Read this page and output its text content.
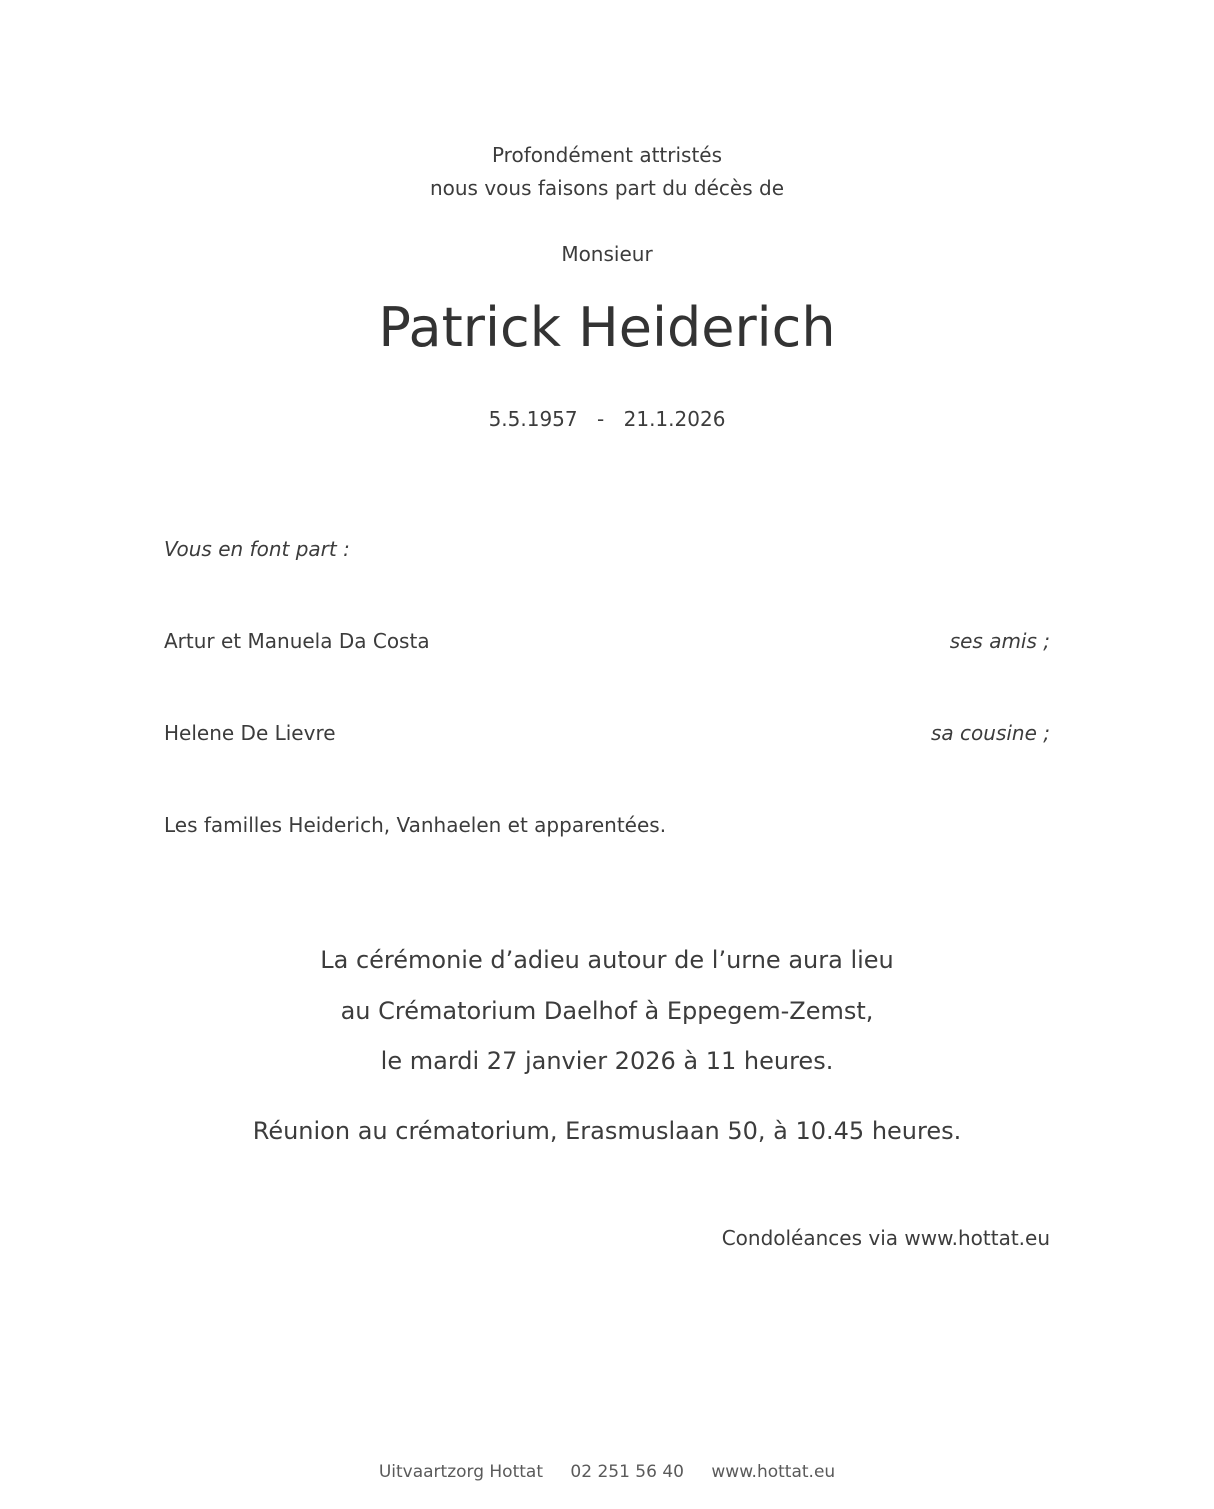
Profondément attristés
nous vous faisons part du décès de
Monsieur
Patrick Heiderich
5.5.1957 - 21.1.2026
Vous en font part :
Artur et Manuela Da Costa	ses amis ;
Helene De Lievre	sa cousine ;
Les familles Heiderich, Vanhaelen et apparentées.
La cérémonie d’adieu autour de l’urne aura lieu
au Crématorium Daelhof à Eppegem-Zemst,
le mardi 27 janvier 2026 à 11 heures.
Réunion au crématorium, Erasmuslaan 50, à 10.45 heures.
Condoléances via www.hottat.eu
Uitvaartzorg Hottat 02 251 56 40 www.hottat.eu
